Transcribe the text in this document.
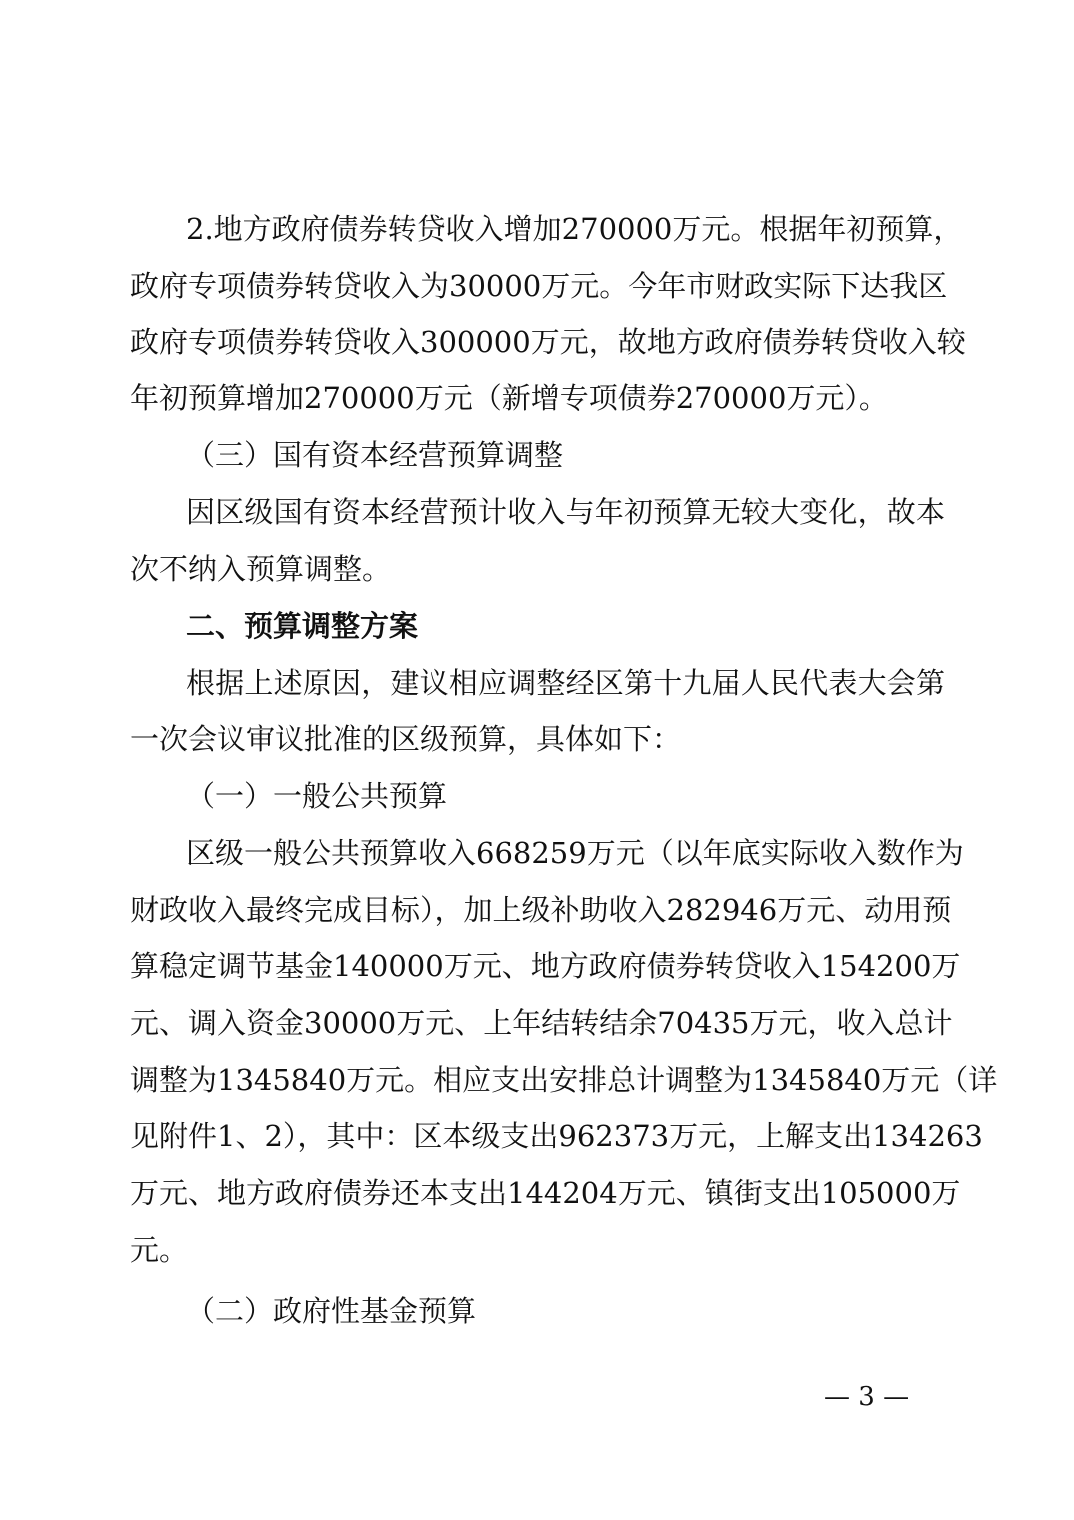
2.地方政府债券转贷收入增加270000万元。根据年初预算，
政府专项债券转贷收入为30000万元。今年市财政实际下达我区
政府专项债券转贷收入300000万元，故地方政府债券转贷收入较
年初预算增加270000万元（新增专项债券270000万元）。
（三）国有资本经营预算调整
因区级国有资本经营预计收入与年初预算无较大变化，故本
次不纳入预算调整。
二、预算调整方案
根据上述原因，建议相应调整经区第十九届人民代表大会第
一次会议审议批准的区级预算，具体如下：
（一）一般公共预算
区级一般公共预算收入668259万元（以年底实际收入数作为
财政收入最终完成目标），加上级补助收入282946万元、动用预
算稳定调节基金140000万元、地方政府债券转贷收入154200万
元、调入资金30000万元、上年结转结余70435万元，收入总计
调整为1345840万元。相应支出安排总计调整为1345840万元（详
见附件1、2），其中：区本级支出962373万元，上解支出134263
万元、地方政府债券还本支出144204万元、镇街支出105000万
元。
（二）政府性基金预算
— 3 —
